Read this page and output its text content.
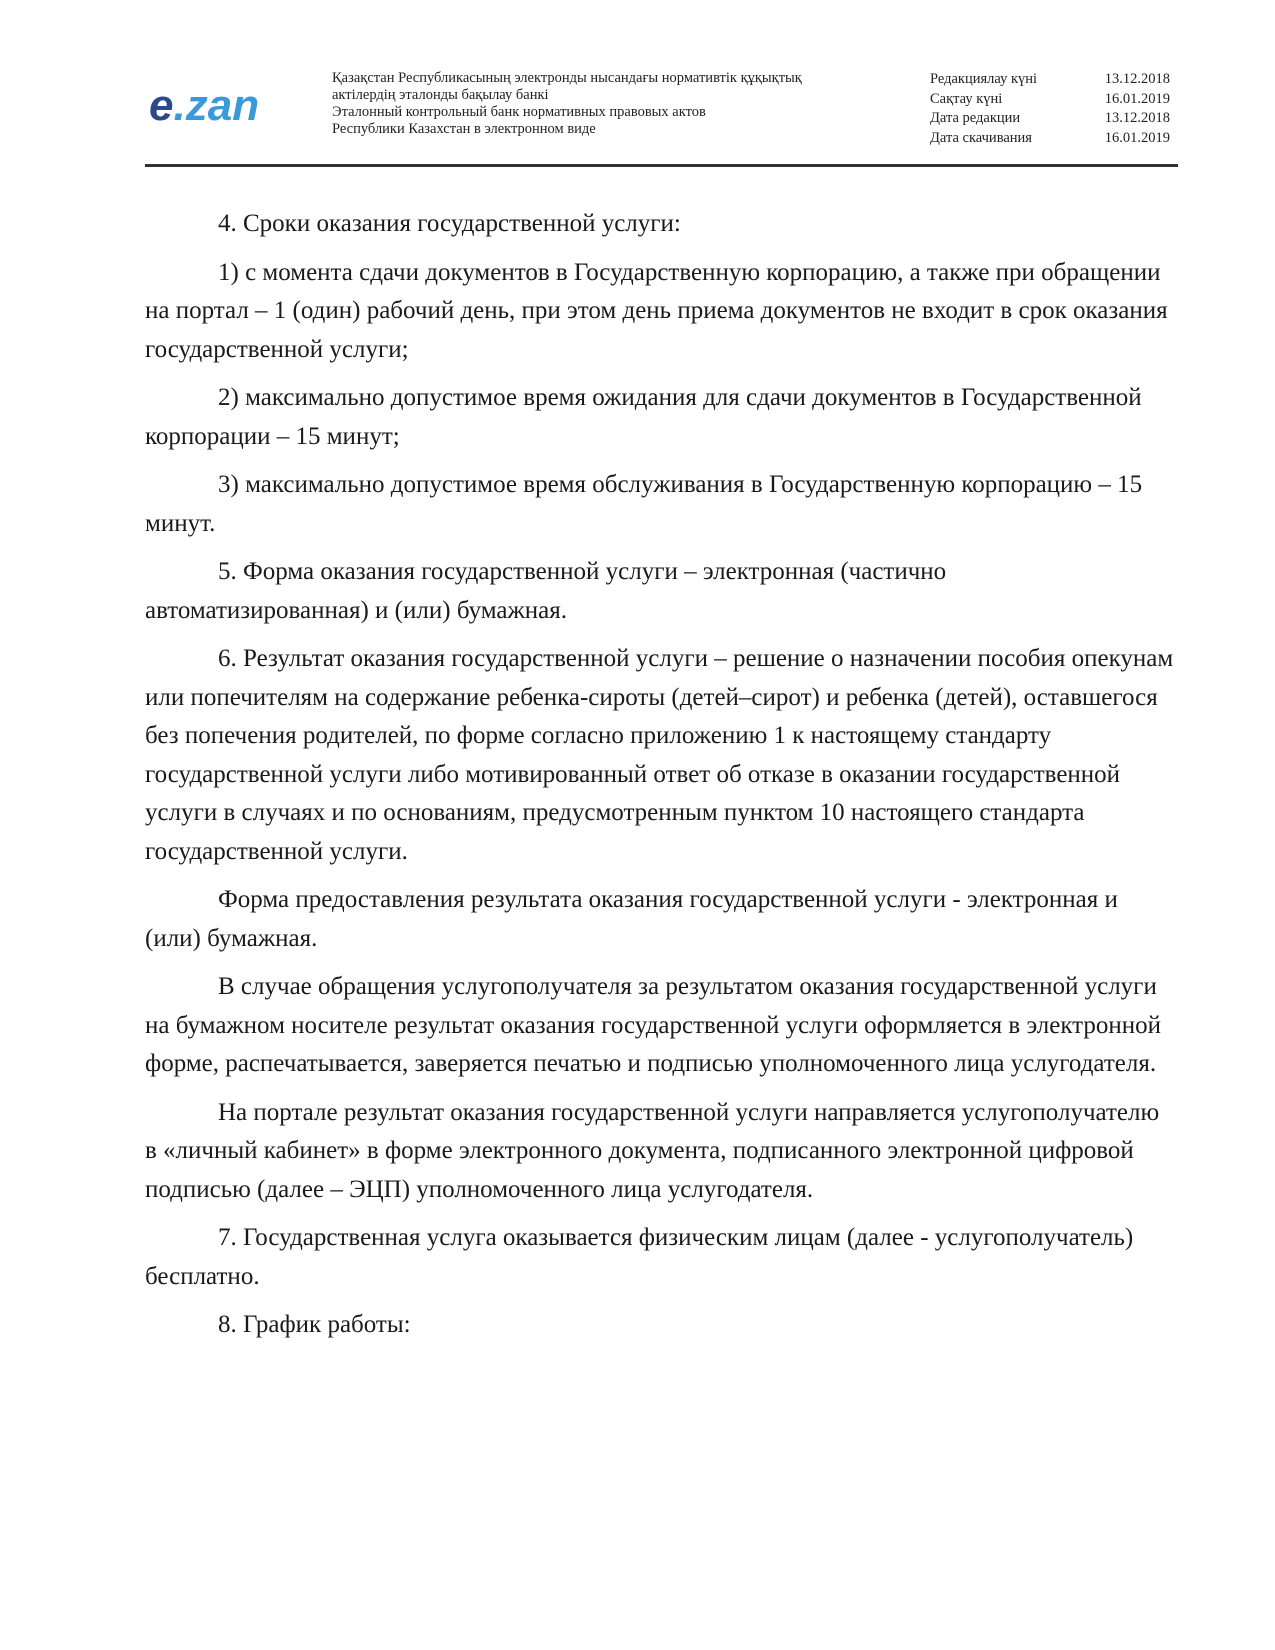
e.zan
Қазақстан Республикасының электронды нысандағы нормативтік құқықтық
актілердің эталонды бақылау банкі
Эталонный контрольный банк нормативных правовых актов
Республики Казахстан в электронном виде
Редакциялау күні	13.12.2018
Сақтау күні	16.01.2019
Дата редакции	13.12.2018
Дата скачивания	16.01.2019

4. Сроки оказания государственной услуги:

1) с момента сдачи документов в Государственную корпорацию, а также при обращении на портал – 1 (один) рабочий день, при этом день приема документов не входит в срок оказания государственной услуги;

2) максимально допустимое время ожидания для сдачи документов в Государственной корпорации – 15 минут;

3) максимально допустимое время обслуживания в Государственную корпорацию – 15 минут.

5. Форма оказания государственной услуги – электронная (частично автоматизированная) и (или) бумажная.

6. Результат оказания государственной услуги – решение о назначении пособия опекунам или попечителям на содержание ребенка-сироты (детей–сирот) и ребенка (детей), оставшегося без попечения родителей, по форме согласно приложению 1 к настоящему стандарту государственной услуги либо мотивированный ответ об отказе в оказании государственной услуги в случаях и по основаниям, предусмотренным пунктом 10 настоящего стандарта государственной услуги.

Форма предоставления результата оказания государственной услуги - электронная и (или) бумажная.

В случае обращения услугополучателя за результатом оказания государственной услуги на бумажном носителе результат оказания государственной услуги оформляется в электронной форме, распечатывается, заверяется печатью и подписью уполномоченного лица услугодателя.

На портале результат оказания государственной услуги направляется услугополучателю в «личный кабинет» в форме электронного документа, подписанного электронной цифровой подписью (далее – ЭЦП) уполномоченного лица услугодателя.

7. Государственная услуга оказывается физическим лицам (далее - услугополучатель) бесплатно.

8. График работы:
